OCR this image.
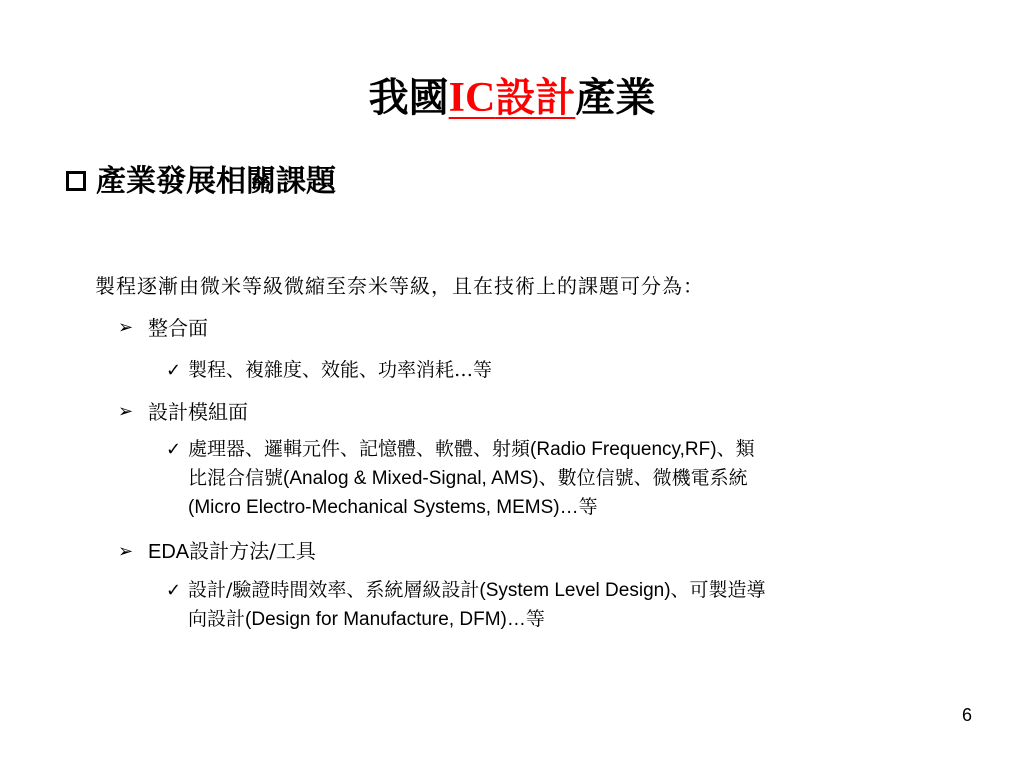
我國IC設計產業
產業發展相關課題
製程逐漸由微米等級微縮至奈米等級，且在技術上的課題可分為：
➢ 整合面
✓ 製程、複雜度、效能、功率消耗…等
➢ 設計模組面
✓ 處理器、邏輯元件、記憶體、軟體、射頻(Radio Frequency,RF)、類
比混合信號(Analog & Mixed-Signal, AMS)、數位信號、微機電系統
(Micro Electro-Mechanical Systems, MEMS)…等
➢ EDA設計方法/工具
✓ 設計/驗證時間效率、系統層級設計(System Level Design)、可製造導
向設計(Design for Manufacture, DFM)…等
6
